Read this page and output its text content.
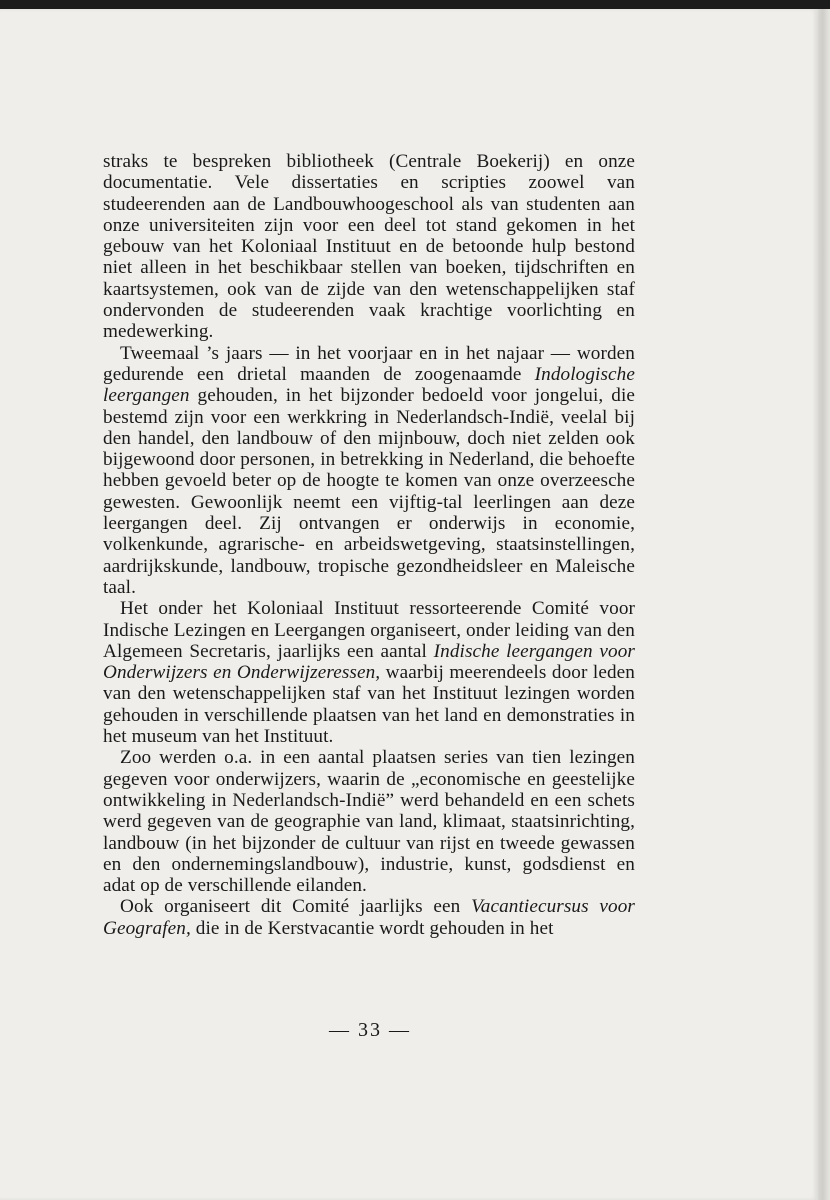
straks te bespreken bibliotheek (Centrale Boekerij) en onze documentatie. Vele dissertaties en scripties zoowel van studeerenden aan de Landbouwhoogeschool als van studenten aan onze universiteiten zijn voor een deel tot stand gekomen in het gebouw van het Koloniaal Instituut en de betoonde hulp bestond niet alleen in het beschikbaar stellen van boeken, tijdschriften en kaartsystemen, ook van de zijde van den wetenschappelijken staf ondervonden de studeerenden vaak krachtige voorlichting en medewerking.

Tweemaal ’s jaars — in het voorjaar en in het najaar — worden gedurende een drietal maanden de zoogenaamde Indologische leergangen gehouden, in het bijzonder bedoeld voor jongelui, die bestemd zijn voor een werkkring in Nederlandsch-Indië, veelal bij den handel, den landbouw of den mijnbouw, doch niet zelden ook bijgewoond door personen, in betrekking in Nederland, die behoefte hebben gevoeld beter op de hoogte te komen van onze overzeesche gewesten. Gewoonlijk neemt een vijftig-tal leerlingen aan deze leergangen deel. Zij ontvangen er onderwijs in economie, volkenkunde, agrarische- en arbeidswetgeving, staatsinstellingen, aardrijkskunde, landbouw, tropische gezondheidsleer en Maleische taal.

Het onder het Koloniaal Instituut ressorteerende Comité voor Indische Lezingen en Leergangen organiseert, onder leiding van den Algemeen Secretaris, jaarlijks een aantal Indische leergangen voor Onderwijzers en Onderwijzeressen, waarbij meerendeels door leden van den wetenschappelijken staf van het Instituut lezingen worden gehouden in verschillende plaatsen van het land en demonstraties in het museum van het Instituut.

Zoo werden o.a. in een aantal plaatsen series van tien lezingen gegeven voor onderwijzers, waarin de „economische en geestelijke ontwikkeling in Nederlandsch-Indië” werd behandeld en een schets werd gegeven van de geographie van land, klimaat, staatsinrichting, landbouw (in het bijzonder de cultuur van rijst en tweede gewassen en den ondernemingslandbouw), industrie, kunst, godsdienst en adat op de verschillende eilanden.

Ook organiseert dit Comité jaarlijks een Vacantiecursus voor Geografen, die in de Kerstvacantie wordt gehouden in het

— 33 —
